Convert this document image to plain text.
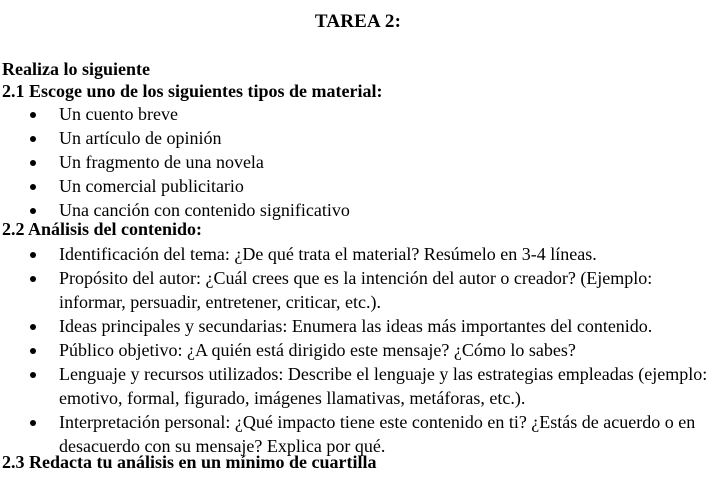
TAREA 2:
Realiza lo siguiente
2.1 Escoge uno de los siguientes tipos de material:
Un cuento breve
Un artículo de opinión
Un fragmento de una novela
Un comercial publicitario
Una canción con contenido significativo
2.2 Análisis del contenido:
Identificación del tema: ¿De qué trata el material? Resúmelo en 3-4 líneas.
Propósito del autor: ¿Cuál crees que es la intención del autor o creador? (Ejemplo: informar, persuadir, entretener, criticar, etc.).
Ideas principales y secundarias: Enumera las ideas más importantes del contenido.
Público objetivo: ¿A quién está dirigido este mensaje? ¿Cómo lo sabes?
Lenguaje y recursos utilizados: Describe el lenguaje y las estrategias empleadas (ejemplo: emotivo, formal, figurado, imágenes llamativas, metáforas, etc.).
Interpretación personal: ¿Qué impacto tiene este contenido en ti? ¿Estás de acuerdo o en desacuerdo con su mensaje? Explica por qué.
2.3 Redacta tu análisis en un mínimo de cuartilla
